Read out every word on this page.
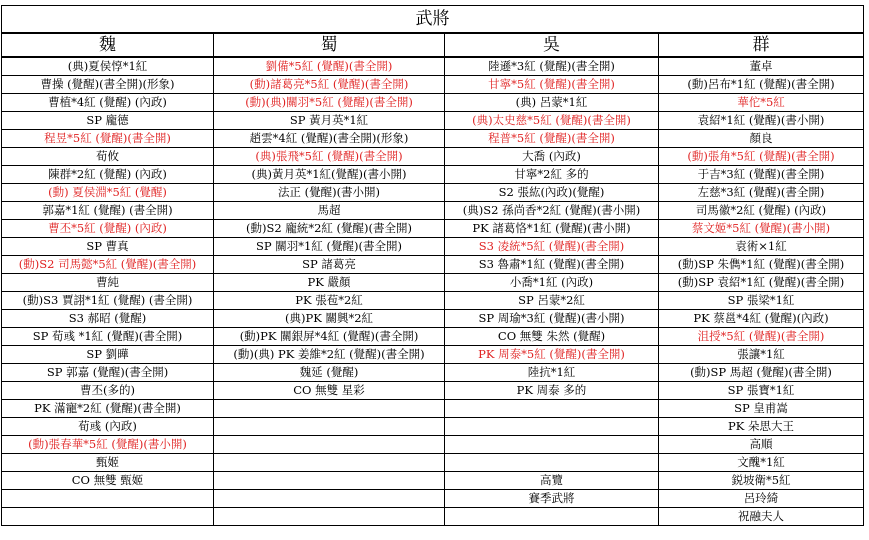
武將			
魏	蜀	吳	群
(典)夏侯惇*1紅	劉備*5紅 (覺醒)(書全開)	陸遜*3紅 (覺醒)(書全開)	董卓
曹操 (覺醒)(書全開)(形象)	(動)諸葛亮*5紅 (覺醒)(書全開)	甘寧*5紅 (覺醒)(書全開)	(動)呂布*1紅 (覺醒)(書全開)
曹植*4紅 (覺醒) (內政)	(動)(典)關羽*5紅 (覺醒)(書全開)	(典) 呂蒙*1紅	華佗*5紅
SP 龐德	SP 黃月英*1紅	(典)太史慈*5紅 (覺醒)(書全開)	袁紹*1紅 (覺醒)(書小開)
程昱*5紅 (覺醒)(書全開)	趙雲*4紅 (覺醒)(書全開)(形象)	程普*5紅 (覺醒)(書全開)	顏良
荀攸	(典)張飛*5紅 (覺醒)(書全開)	大喬 (內政)	(動)張角*5紅 (覺醒)(書全開)
陳群*2紅 (覺醒) (內政)	(典)黃月英*1紅(覺醒)(書小開)	甘寧*2紅 多的	于吉*3紅 (覺醒)(書全開)
(動) 夏侯淵*5紅 (覺醒)	法正 (覺醒)(書小開)	S2 張紘(內政)(覺醒)	左慈*3紅 (覺醒)(書全開)
郭嘉*1紅 (覺醒) (書全開)	馬超	(典)S2 孫尚香*2紅 (覺醒)(書小開)	司馬徽*2紅 (覺醒) (內政)
曹丕*5紅 (覺醒) (內政)	(動)S2 龐統*2紅 (覺醒)(書全開)	PK 諸葛恪*1紅 (覺醒)(書小開)	蔡文姬*5紅 (覺醒)(書小開)
SP 曹真	SP 關羽*1紅 (覺醒)(書全開)	S3 凌統*5紅 (覺醒)(書全開)	袁術×1紅
(動)S2 司馬懿*5紅 (覺醒)(書全開)	SP 諸葛亮	S3 魯肅*1紅 (覺醒)(書全開)	(動)SP 朱儁*1紅 (覺醒)(書全開)
曹純	PK 嚴顏	小喬*1紅 (內政)	(動)SP 袁紹*1紅 (覺醒)(書全開)
(動)S3 賈詡*1紅 (覺醒) (書全開)	PK 張苞*2紅	SP 呂蒙*2紅	SP 張梁*1紅
S3 郝昭 (覺醒)	(典)PK 關興*2紅	SP 周瑜*3紅 (覺醒)(書小開)	PK 蔡邕*4紅 (覺醒)(內政)
SP 荀彧 *1紅 (覺醒)(書全開)	(動)PK 關銀屏*4紅 (覺醒)(書全開)	CO 無雙 朱然 (覺醒)	沮授*5紅 (覺醒)(書全開)
SP 劉曄	(動)(典) PK 姜維*2紅 (覺醒)(書全開)	PK 周泰*5紅 (覺醒)(書全開)	張讓*1紅
SP 郭嘉 (覺醒)(書全開)	魏延 (覺醒)	陸抗*1紅	(動)SP 馬超 (覺醒)(書全開)
曹丕(多的)	CO 無雙 星彩	PK 周泰 多的	SP 張寶*1紅
PK 滿寵*2紅 (覺醒)(書全開)			SP 皇甫嵩
荀彧 (內政)			PK 朵思大王
(動)張春華*5紅 (覺醒)(書小開)			高順
甄姬			文醜*1紅
CO 無雙 甄姬		高覽	鋭坡衛*5紅
		賽季武將	呂玲綺
			祝融夫人
